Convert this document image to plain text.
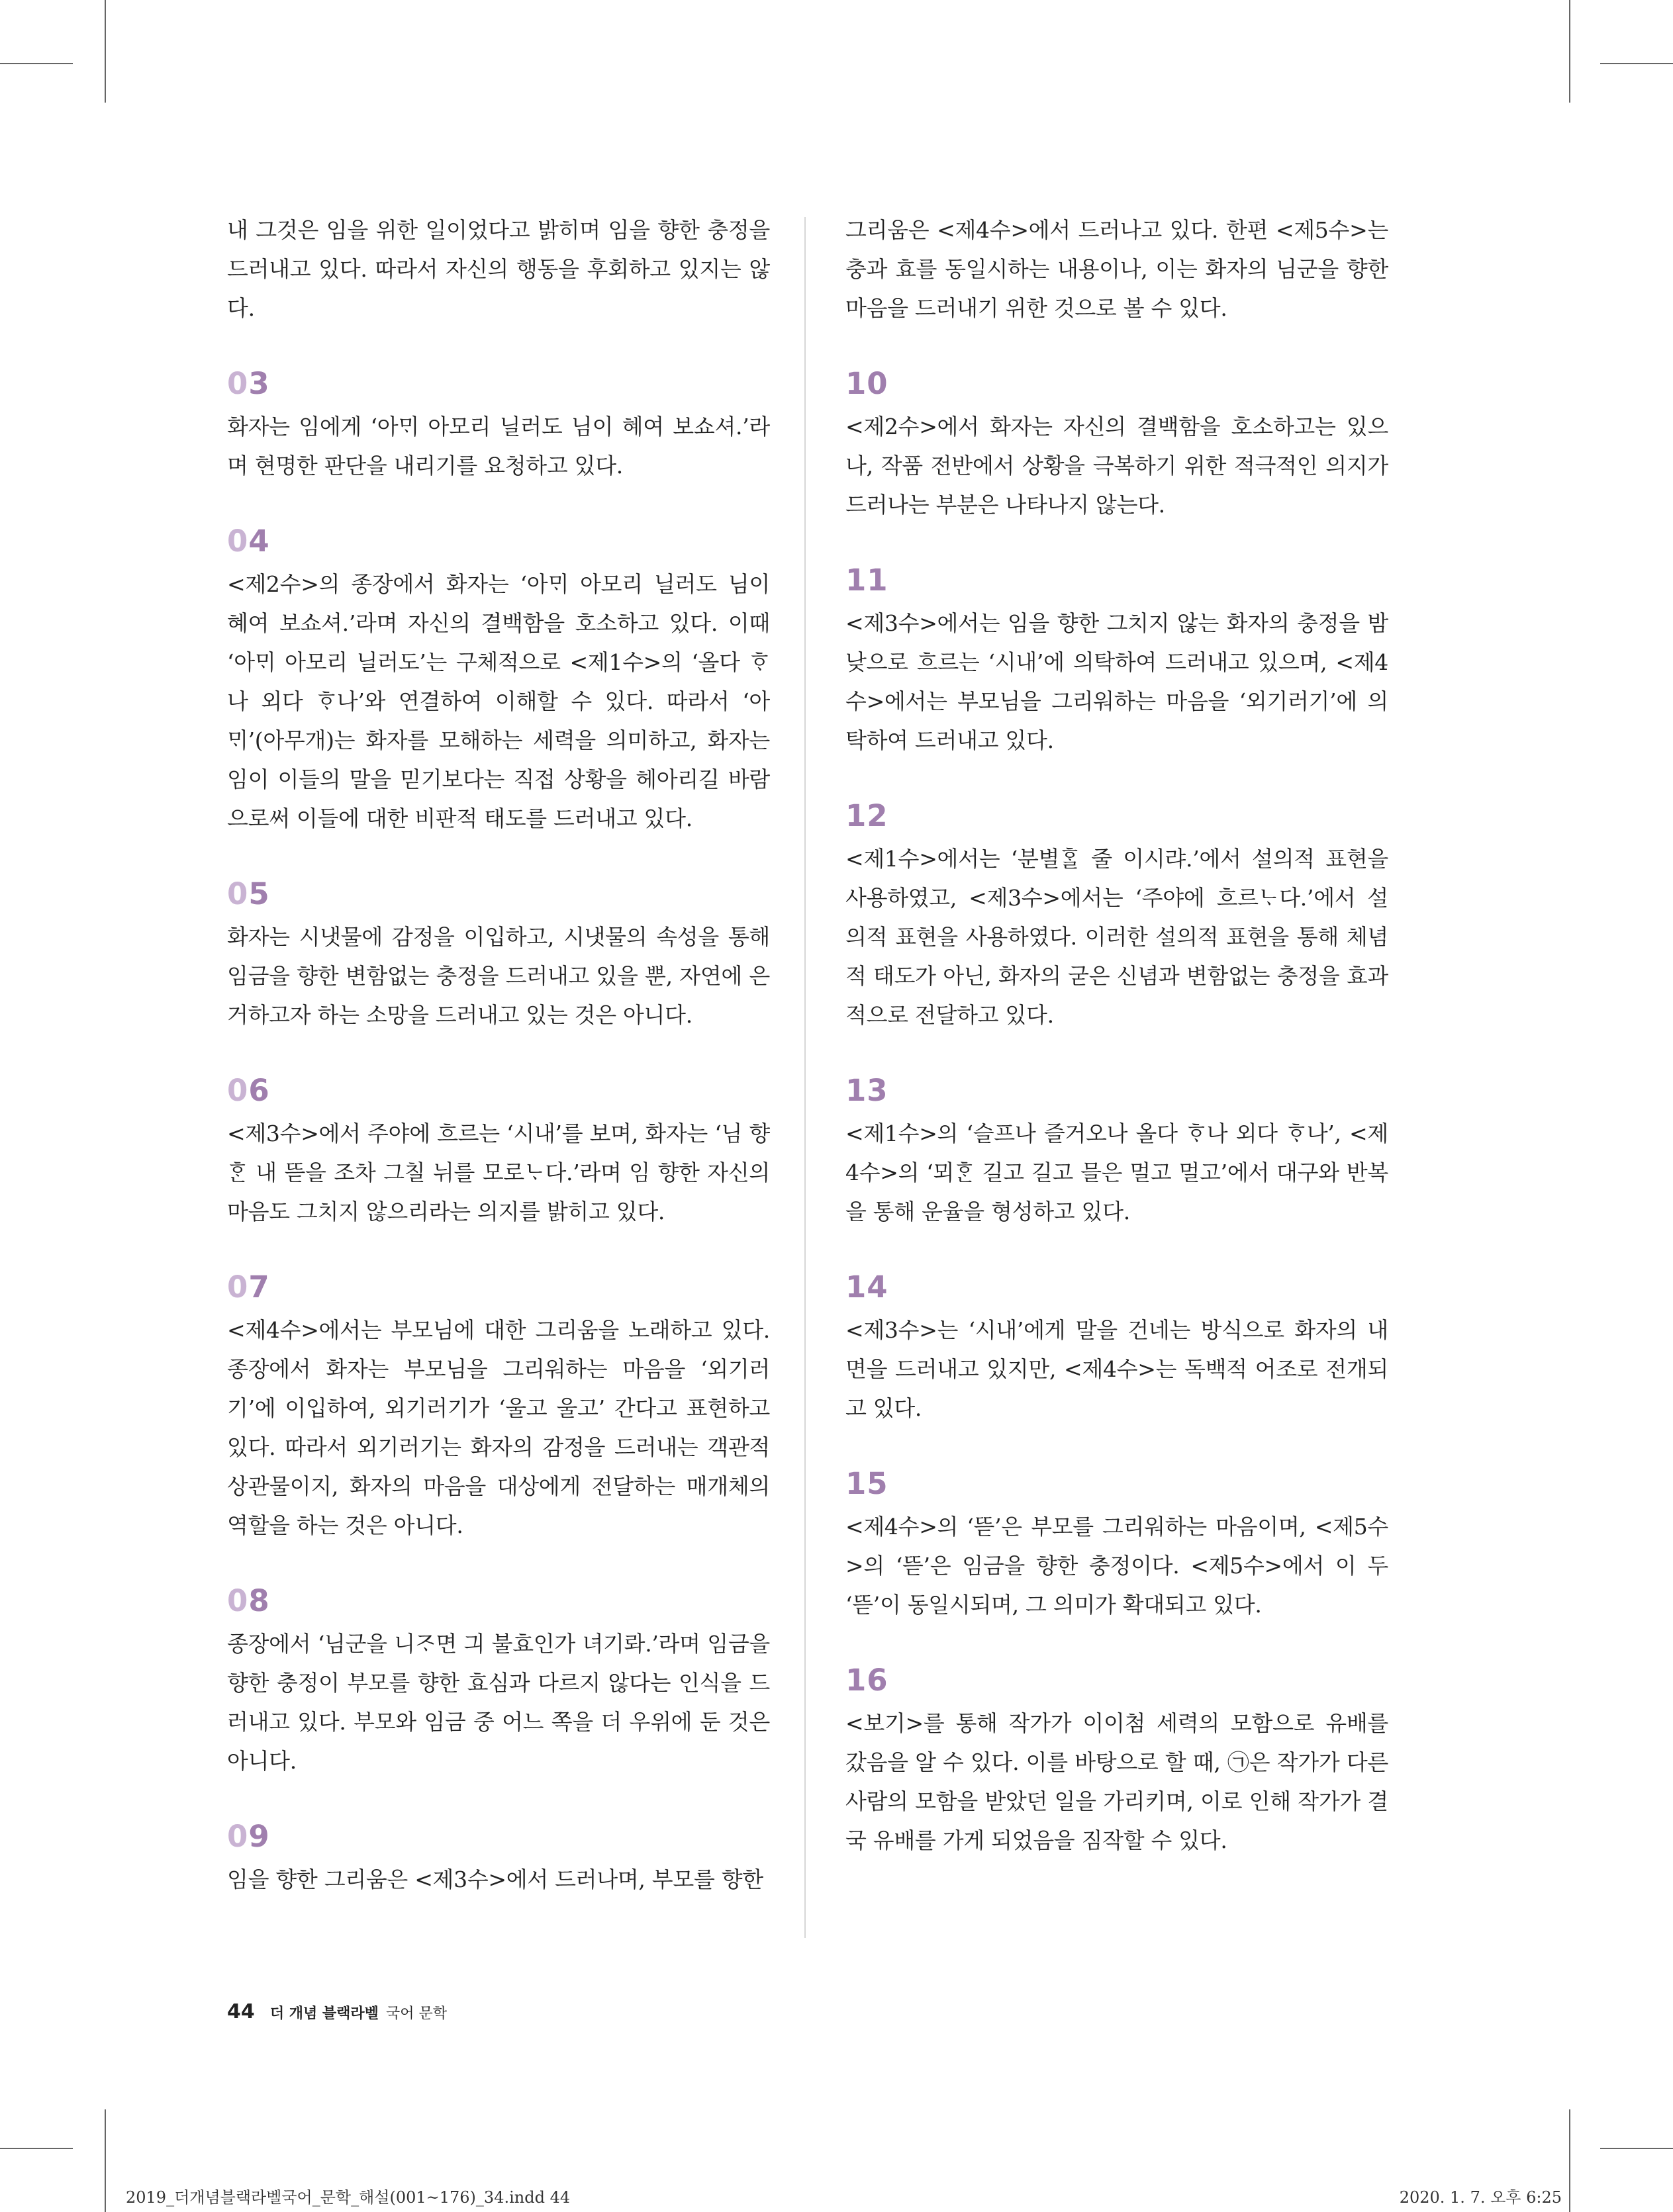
내 그것은 임을 위한 일이었다고 밝히며 임을 향한 충정을 드러내고 있다. 따라서 자신의 행동을 후회하고 있지는 않다.

03

화자는 임에게 ‘아ᄆᆡ 아모리 닐러도 님이 혜여 보쇼셔.’라며 현명한 판단을 내리기를 요청하고 있다.

04

<제2수>의 종장에서 화자는 ‘아ᄆᆡ 아모리 닐러도 님이 혜여 보쇼셔.’라며 자신의 결백함을 호소하고 있다. 이때 ‘아ᄆᆡ 아모리 닐러도’는 구체적으로 <제1수>의 ‘올다 ᄒᆞ나 외다 ᄒᆞ나’와 연결하여 이해할 수 있다. 따라서 ‘아ᄆᆡ’(아무개)는 화자를 모해하는 세력을 의미하고, 화자는 임이 이들의 말을 믿기보다는 직접 상황을 헤아리길 바람으로써 이들에 대한 비판적 태도를 드러내고 있다.

05

화자는 시냇물에 감정을 이입하고, 시냇물의 속성을 통해 임금을 향한 변함없는 충정을 드러내고 있을 뿐, 자연에 은거하고자 하는 소망을 드러내고 있는 것은 아니다.

06

<제3수>에서 주야에 흐르는 ‘시내’를 보며, 화자는 ‘님 향ᄒᆞᆫ 내 뜯을 조차 그칠 뉘를 모로ᄂᆞ다.’라며 임 향한 자신의 마음도 그치지 않으리라는 의지를 밝히고 있다.

07

<제4수>에서는 부모님에 대한 그리움을 노래하고 있다. 종장에서 화자는 부모님을 그리워하는 마음을 ‘외기러기’에 이입하여, 외기러기가 ‘울고 울고’ 간다고 표현하고 있다. 따라서 외기러기는 화자의 감정을 드러내는 객관적 상관물이지, 화자의 마음을 대상에게 전달하는 매개체의 역할을 하는 것은 아니다.

08

종장에서 ‘님군을 니ᄌᆞ면 긔 불효인가 녀기롸.’라며 임금을 향한 충정이 부모를 향한 효심과 다르지 않다는 인식을 드러내고 있다. 부모와 임금 중 어느 쪽을 더 우위에 둔 것은 아니다.

09

임을 향한 그리움은 <제3수>에서 드러나며, 부모를 향한

그리움은 <제4수>에서 드러나고 있다. 한편 <제5수>는 충과 효를 동일시하는 내용이나, 이는 화자의 님군을 향한 마음을 드러내기 위한 것으로 볼 수 있다.

10

<제2수>에서 화자는 자신의 결백함을 호소하고는 있으나, 작품 전반에서 상황을 극복하기 위한 적극적인 의지가 드러나는 부분은 나타나지 않는다.

11

<제3수>에서는 임을 향한 그치지 않는 화자의 충정을 밤낮으로 흐르는 ‘시내’에 의탁하여 드러내고 있으며, <제4수>에서는 부모님을 그리워하는 마음을 ‘외기러기’에 의탁하여 드러내고 있다.

12

<제1수>에서는 ‘분별ᄒᆞᆯ 줄 이시랴.’에서 설의적 표현을 사용하였고, <제3수>에서는 ‘주야에 흐르ᄂᆞ다.’에서 설의적 표현을 사용하였다. 이러한 설의적 표현을 통해 체념적 태도가 아닌, 화자의 굳은 신념과 변함없는 충정을 효과적으로 전달하고 있다.

13

<제1수>의 ‘슬프나 즐거오나 올다 ᄒᆞ나 외다 ᄒᆞ나’, <제4수>의 ‘뫼ᄒᆞᆫ 길고 길고 믈은 멀고 멀고’에서 대구와 반복을 통해 운율을 형성하고 있다.

14

<제3수>는 ‘시내’에게 말을 건네는 방식으로 화자의 내면을 드러내고 있지만, <제4수>는 독백적 어조로 전개되고 있다.

15

<제4수>의 ‘뜯’은 부모를 그리워하는 마음이며, <제5수>의 ‘뜯’은 임금을 향한 충정이다. <제5수>에서 이 두 ‘뜯’이 동일시되며, 그 의미가 확대되고 있다.

16

<보기>를 통해 작가가 이이첨 세력의 모함으로 유배를 갔음을 알 수 있다. 이를 바탕으로 할 때, ㉠은 작가가 다른 사람의 모함을 받았던 일을 가리키며, 이로 인해 작가가 결국 유배를 가게 되었음을 짐작할 수 있다.

44 더 개념 블랙라벨 국어 문학
2019_더개념블랙라벨국어_문학_해설(001~176)_34.indd 44	2020. 1. 7. 오후 6:25
